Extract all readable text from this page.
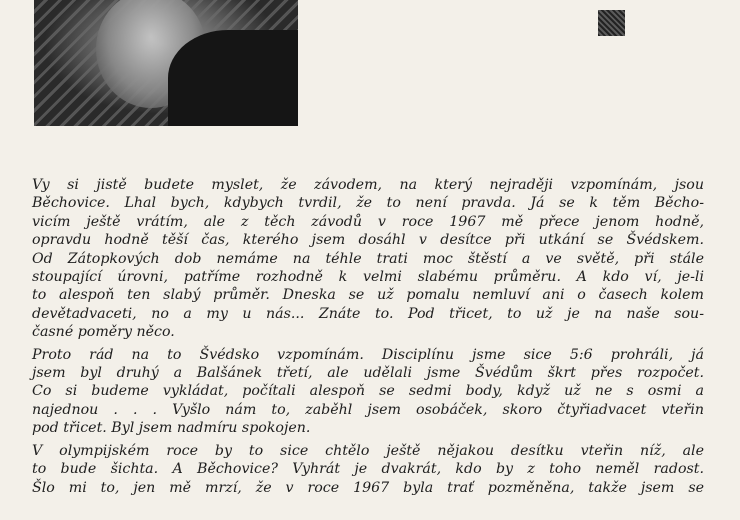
Vy si jistě budete myslet, že závodem, na který nejraději vzpomínám, jsou

Běchovice. Lhal bych, kdybych tvrdil, že to není pravda. Já se k těm Běcho-

vicím ještě vrátím, ale z těch závodů v roce 1967 mě přece jenom hodně,

opravdu hodně těší čas, kterého jsem dosáhl v desítce při utkání se Švédskem.

Od Zátopkových dob nemáme na téhle trati moc štěstí a ve světě, při stále

stoupající úrovni, patříme rozhodně k velmi slabému průměru. A kdo ví, je-li

to alespoň ten slabý průměr. Dneska se už pomalu nemluví ani o časech kolem

devětadvaceti, no a my u nás... Znáte to. Pod třicet, to už je na naše sou-

časné poměry něco.

Proto rád na to Švédsko vzpomínám. Disciplínu jsme sice 5:6 prohráli, já

jsem byl druhý a Balšánek třetí, ale udělali jsme Švédům škrt přes rozpočet.

Co si budeme vykládat, počítali alespoň se sedmi body, když už ne s osmi a

najednou . . . Vyšlo nám to, zaběhl jsem osobáček, skoro čtyřiadvacet vteřin

pod třicet. Byl jsem nadmíru spokojen.

V olympijském roce by to sice chtělo ještě nějakou desítku vteřin níž, ale

to bude šichta. A Běchovice? Vyhrát je dvakrát, kdo by z toho neměl radost.

Šlo mi to, jen mě mrzí, že v roce 1967 byla trať pozměněna, takže jsem se
